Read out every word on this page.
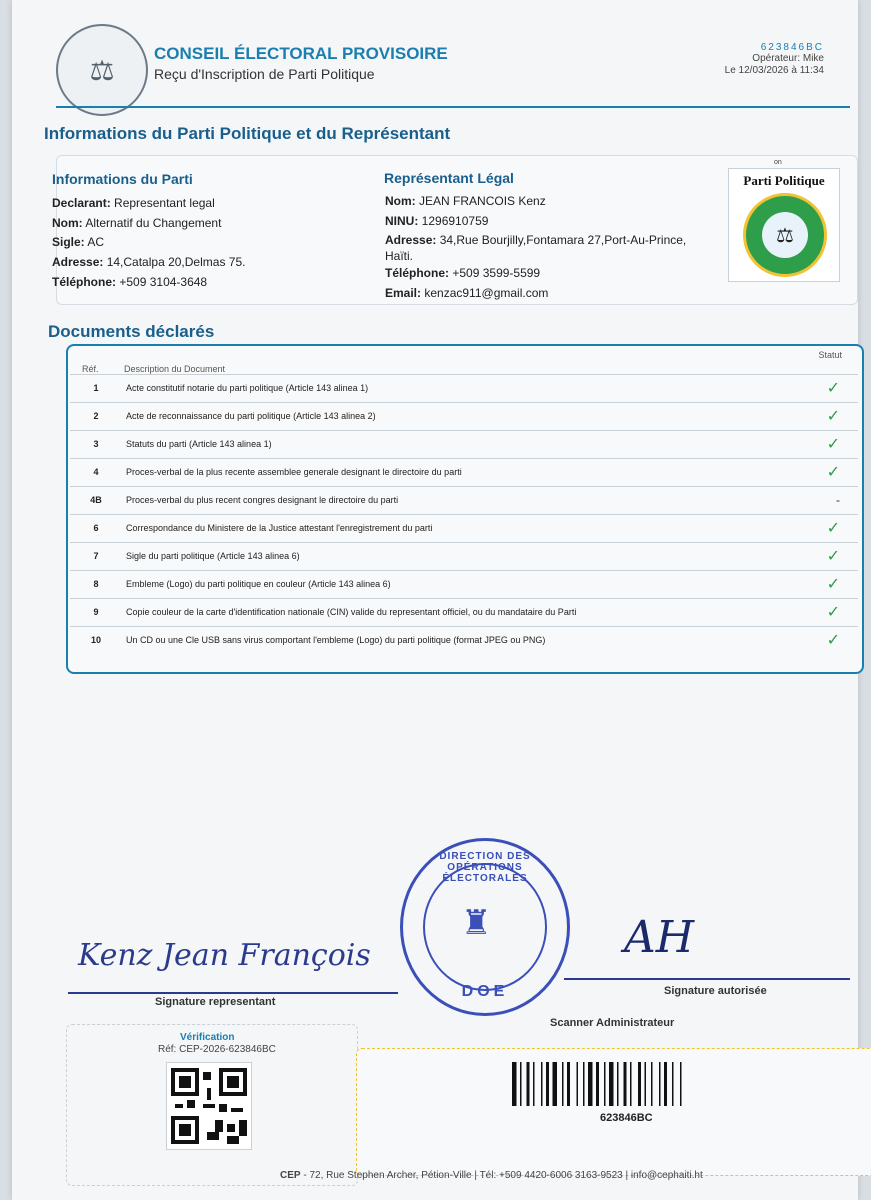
⚖
CONSEIL ÉLECTORAL PROVISOIRE
Reçu d'Inscription de Parti Politique
623846BC
Opérateur: Mike
Le 12/03/2026 à 11:34
Informations du Parti Politique et du Représentant
Informations du Parti
Declarant: Representant legal
Nom: Alternatif du Changement
Sigle: AC
Adresse: 14,Catalpa 20,Delmas 75.
Téléphone: +509 3104-3648
Représentant Légal
Nom: JEAN FRANCOIS Kenz
NINU: 1296910759
Adresse: 34,Rue Bourjilly,Fontamara 27,Port-Au-Prince,
Haïti.
Téléphone: +509 3599-5599
Email: kenzac911@gmail.com
on
Parti Politique
⚖
Documents déclarés
Réf.	Description du Document
Statut
1	Acte constitutif notarie du parti politique (Article 143 alinea 1)	✓
2	Acte de reconnaissance du parti politique (Article 143 alinea 2)	✓
3	Statuts du parti (Article 143 alinea 1)	✓
4	Proces-verbal de la plus recente assemblee generale designant le directoire du parti	✓
4B	Proces-verbal du plus recent congres designant le directoire du parti	-
6	Correspondance du Ministere de la Justice attestant l'enregistrement du parti	✓
7	Sigle du parti politique (Article 143 alinea 6)	✓
8	Embleme (Logo) du parti politique en couleur (Article 143 alinea 6)	✓
9	Copie couleur de la carte d'identification nationale (CIN) valide du representant officiel, ou du mandataire du Parti	✓
10	Un CD ou une Cle USB sans virus comportant l'embleme (Logo) du parti politique (format JPEG ou PNG)	✓
Kenz Jean François
Signature representant
DIRECTION DES OPÉRATIONS ÉLECTORALES
♜
DOE
AH
Signature autorisée
Scanner Administrateur
Vérification
Réf: CEP-2026-623846BC
623846BC
CEP - 72, Rue Stephen Archer, Pétion-Ville | Tél: +509 4420-6006 3163-9523 | info@cephaiti.ht
